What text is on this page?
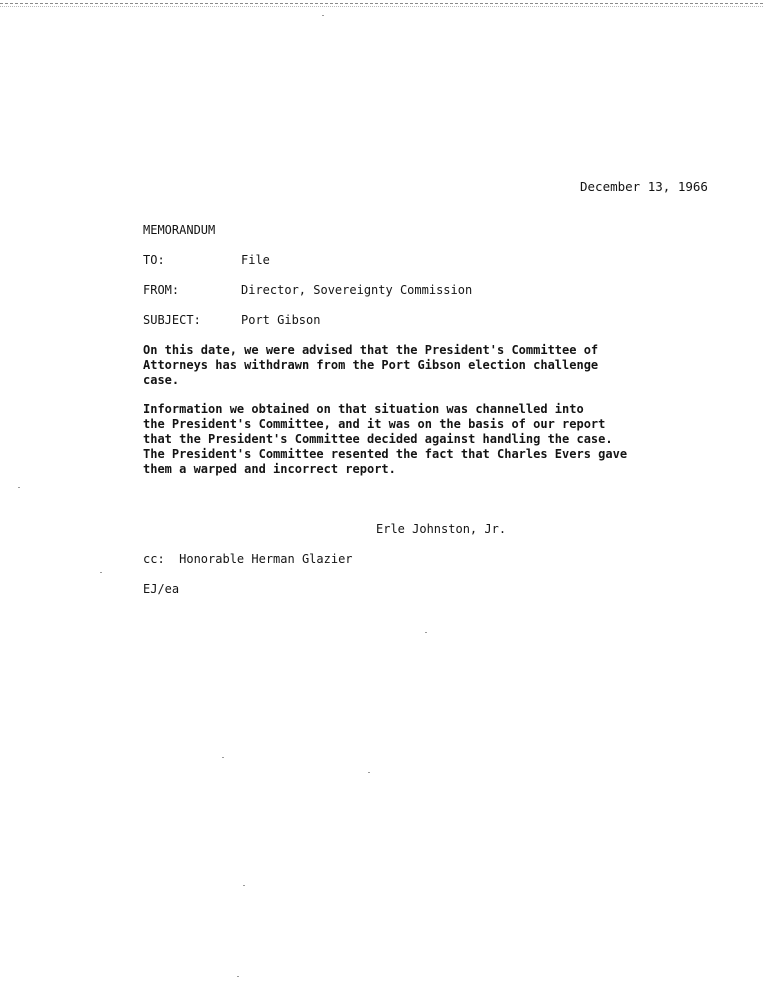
December 13, 1966
MEMORANDUM
TO:	File
FROM:	Director, Sovereignty Commission
SUBJECT:	Port Gibson
On this date, we were advised that the President's Committee of
Attorneys has withdrawn from the Port Gibson election challenge
case.
Information we obtained on that situation was channelled into
the President's Committee, and it was on the basis of our report
that the President's Committee decided against handling the case.
The President's Committee resented the fact that Charles Evers gave
them a warped and incorrect report.
Erle Johnston, Jr.
cc:  Honorable Herman Glazier
EJ/ea
